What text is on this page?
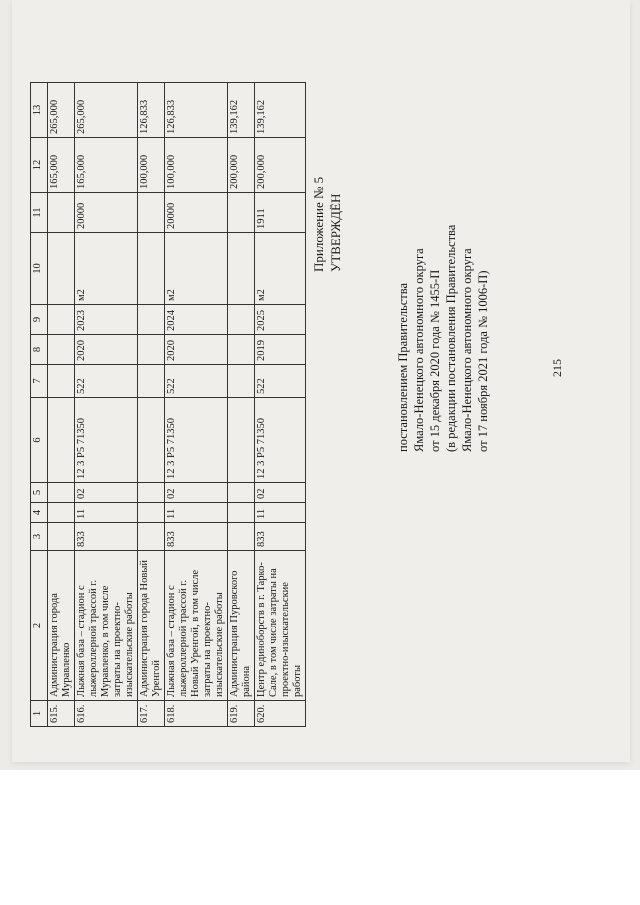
215
1	2	3	4	5	6	7	8	9	10	11	12	13
615.	Администрация города Муравленко										165,000	265,000
616.	Лыжная база – стадион с лыжероллерной трассой г. Муравленко, в том числе затраты на проектно-изыскательские работы	833	11	02	12 3 P5 71350	522	2020	2023	м2	20000	165,000	265,000
617.	Администрация города Новый Уренгой										100,000	126,833
618.	Лыжная база – стадион с лыжероллерной трассой г. Новый Уренгой, в том числе затраты на проектно-изыскательские работы	833	11	02	12 3 P5 71350	522	2020	2024	м2	20000	100,000	126,833
619.	Администрация Пуровского района										200,000	139,162
620.	Центр единоборств в г. Тарко-Сале, в том числе затраты на проектно-изыскательские работы	833	11	02	12 3 P5 71350	522	2019	2025	м2	1911	200,000	139,162
Приложение № 5 УТВЕРЖДЁН
постановлением Правительства Ямало-Ненецкого автономного округа от 15 декабря 2020 года № 1455-П (в редакции постановления Правительства Ямало-Ненецкого автономного округа от 17 ноября 2021 года № 1006-П)
